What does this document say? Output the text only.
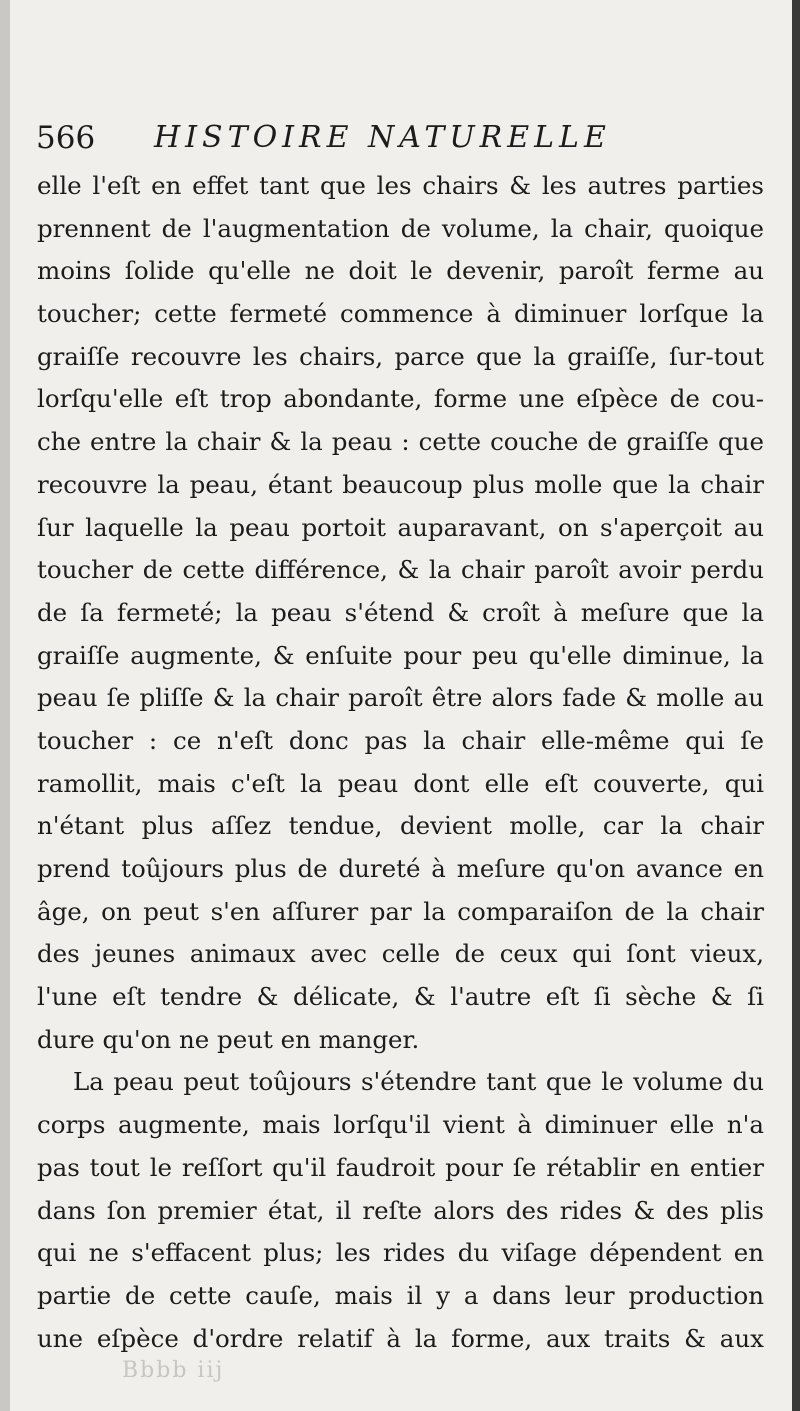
566 HISTOIRE NATURELLE
elle l'eſt en effet tant que les chairs & les autres parties
prennent de l'augmentation de volume, la chair, quoique
moins ſolide qu'elle ne doit le devenir, paroît ferme au
toucher; cette fermeté commence à diminuer lorſque la
graiſſe recouvre les chairs, parce que la graiſſe, ſur-tout
lorſqu'elle eſt trop abondante, forme une eſpèce de cou-
che entre la chair & la peau : cette couche de graiſſe que
recouvre la peau, étant beaucoup plus molle que la chair
ſur laquelle la peau portoit auparavant, on s'aperçoit au
toucher de cette différence, & la chair paroît avoir perdu
de ſa fermeté; la peau s'étend & croît à meſure que la
graiſſe augmente, & enſuite pour peu qu'elle diminue, la
peau ſe pliſſe & la chair paroît être alors fade & molle au
toucher : ce n'eſt donc pas la chair elle-même qui ſe
ramollit, mais c'eſt la peau dont elle eſt couverte, qui
n'étant plus aſſez tendue, devient molle, car la chair
prend toûjours plus de dureté à meſure qu'on avance en
âge, on peut s'en aſſurer par la comparaiſon de la chair
des jeunes animaux avec celle de ceux qui ſont vieux,
l'une eſt tendre & délicate, & l'autre eſt ſi sèche & ſi
dure qu'on ne peut en manger.
La peau peut toûjours s'étendre tant que le volume du
corps augmente, mais lorſqu'il vient à diminuer elle n'a
pas tout le reſſort qu'il faudroit pour ſe rétablir en entier
dans ſon premier état, il reſte alors des rides & des plis
qui ne s'effacent plus; les rides du viſage dépendent en
partie de cette cauſe, mais il y a dans leur production
une eſpèce d'ordre relatif à la forme, aux traits & aux
Bbbb iij
